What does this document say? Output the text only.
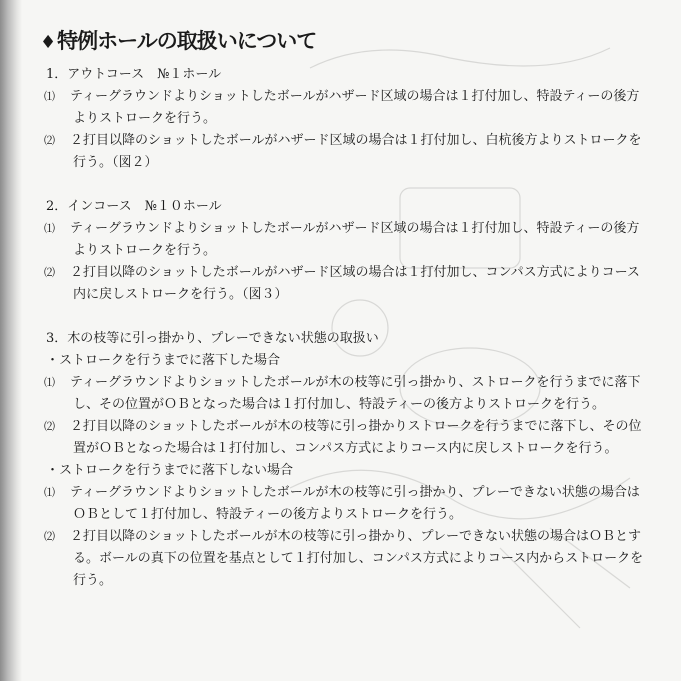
♦特例ホールの取扱いについて
1．アウトコース　№１ホール
⑴ ティーグラウンドよりショットしたボールがハザード区域の場合は１打付加し、特設ティーの後方よりストロークを行う。
⑵ ２打目以降のショットしたボールがハザード区域の場合は１打付加し、白杭後方よりストロークを行う。（図２）
2．インコース　№１０ホール
⑴ ティーグラウンドよりショットしたボールがハザード区域の場合は１打付加し、特設ティーの後方よりストロークを行う。
⑵ ２打目以降のショットしたボールがハザード区域の場合は１打付加し、コンパス方式によりコース内に戻しストロークを行う。（図３）
3．木の枝等に引っ掛かり、プレーできない状態の取扱い
・ストロークを行うまでに落下した場合
⑴ ティーグラウンドよりショットしたボールが木の枝等に引っ掛かり、ストロークを行うまでに落下し、その位置がＯＢとなった場合は１打付加し、特設ティーの後方よりストロークを行う。
⑵ ２打目以降のショットしたボールが木の枝等に引っ掛かりストロークを行うまでに落下し、その位置がＯＢとなった場合は１打付加し、コンパス方式によりコース内に戻しストロークを行う。
・ストロークを行うまでに落下しない場合
⑴ ティーグラウンドよりショットしたボールが木の枝等に引っ掛かり、プレーできない状態の場合はＯＢとして１打付加し、特設ティーの後方よりストロークを行う。
⑵ ２打目以降のショットしたボールが木の枝等に引っ掛かり、プレーできない状態の場合はＯＢとする。ボールの真下の位置を基点として１打付加し、コンパス方式によりコース内からストロークを行う。
